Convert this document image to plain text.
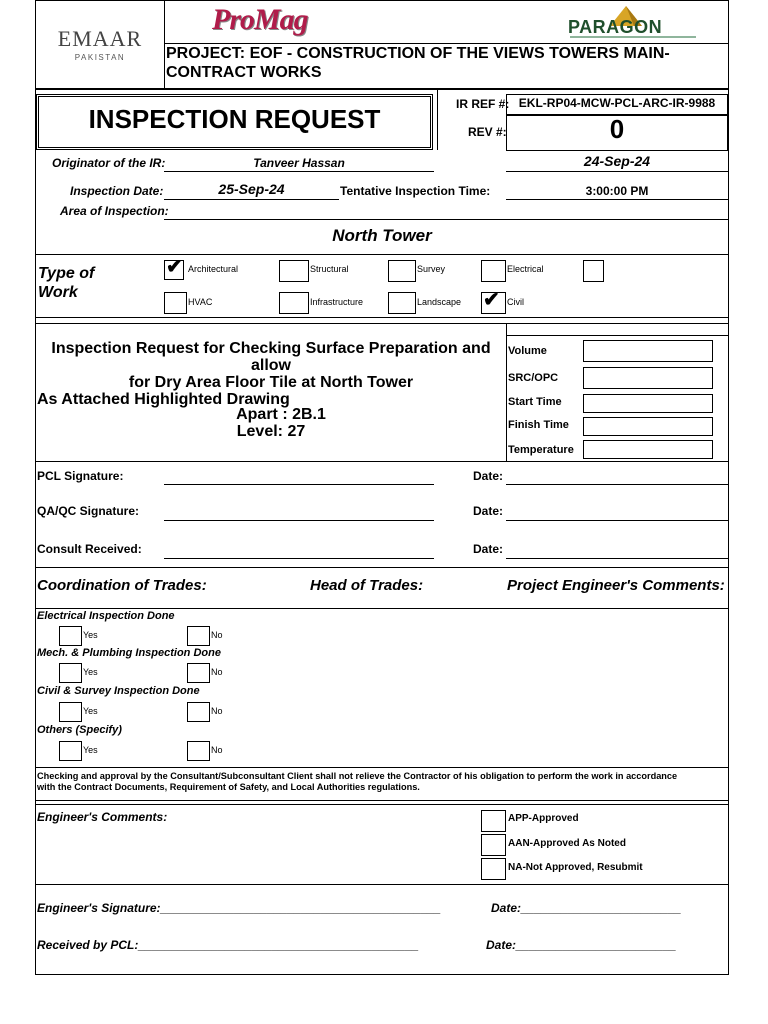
EMAAR
PAKISTAN
ProMag	PARAGON
PROJECT: EOF - CONSTRUCTION OF THE VIEWS TOWERS MAIN-
CONTRACT WORKS
INSPECTION REQUEST	IR REF #: EKL-RP04-MCW-PCL-ARC-IR-9988
REV #:	0
Originator of the IR:	Tanveer Hassan	24-Sep-24
Inspection Date:	25-Sep-24	Tentative Inspection Time:	3:00:00 PM
Area of Inspection:
North Tower
Type of
Work
✔ Architectural	Structural	Survey	Electrical
HVAC	Infrastructure	Landscape ✔ Civil
Inspection Request for Checking Surface Preparation and allow
for Dry Area Floor Tile at North Tower
As Attached Highlighted Drawing
Apart : 2B.1
Level: 27
Volume
SRC/OPC
Start Time
Finish Time
Temperature
PCL Signature:	Date:
QA/QC Signature:	Date:
Consult Received:	Date:
Coordination of Trades:	Head of Trades:	Project Engineer's Comments:
Electrical Inspection Done
Yes	No
Mech. & Plumbing Inspection Done
Yes	No
Civil & Survey Inspection Done
Yes	No
Others (Specify)
Yes	No
Checking and approval by the Consultant/Subconsultant Client shall not relieve the Contractor of his obligation to perform the work in accordance
with the Contract Documents, Requirement of Safety, and Local Authorities regulations.
Engineer's Comments:	APP-Approved
AAN-Approved As Noted
NA-Not Approved, Resubmit
Engineer's Signature:__________________________________________	Date:________________________
Received by PCL:__________________________________________	Date:________________________
